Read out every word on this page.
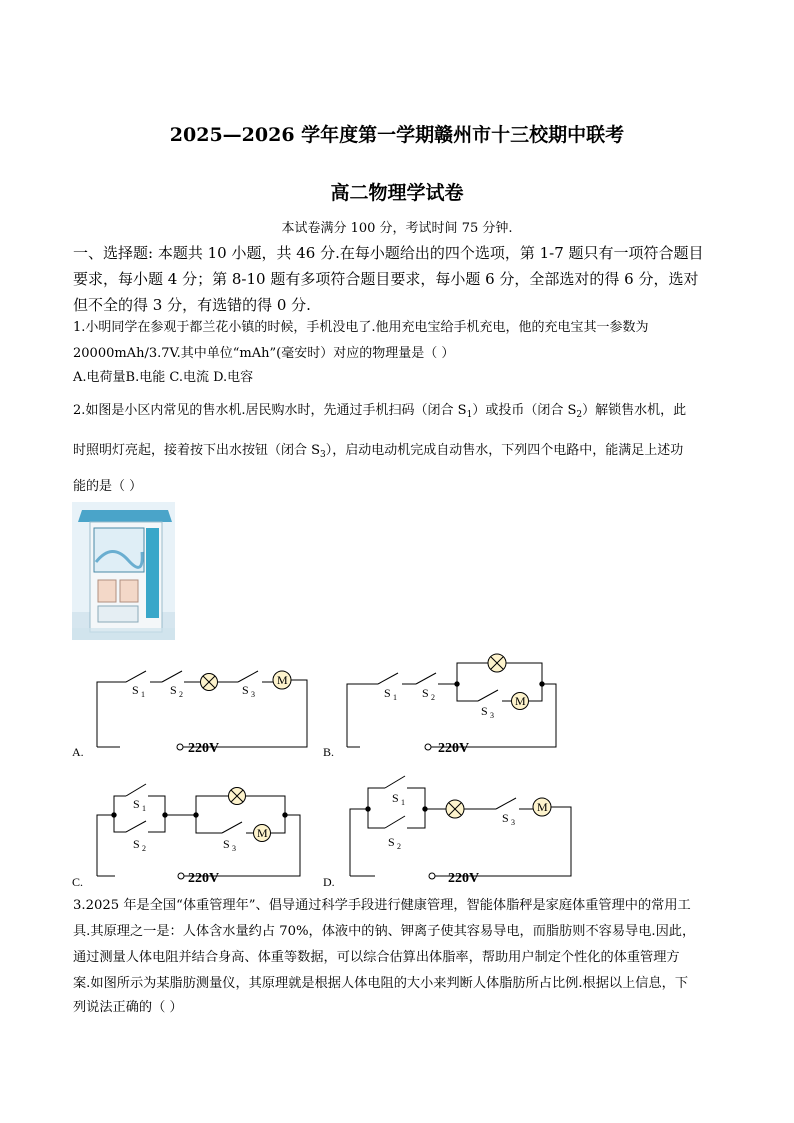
2025—2026 学年度第一学期赣州市十三校期中联考
高二物理学试卷
本试卷满分 100 分，考试时间 75 分钟.
一、选择题: 本题共 10 小题，共 46 分.在每小题给出的四个选项，第 1-7 题只有一项符合题目
要求，每小题 4 分；第 8-10 题有多项符合题目要求，每小题 6 分，全部选对的得 6 分，选对
但不全的得 3 分，有选错的得 0 分.
1.小明同学在参观于都兰花小镇的时候，手机没电了.他用充电宝给手机充电，他的充电宝其一参数为
20000mAh/3.7V.其中单位“mAh”(毫安时）对应的物理量是（ ）
A.电荷量B.电能 C.电流 D.电容
2.如图是小区内常见的售水机.居民购水时，先通过手机扫码（闭合 $S_1$）或投币（闭合 $S_2$）解锁售水机，此
时照明灯亮起，接着按下出水按钮（闭合 $S_3$），启动电动机完成自动售水，下列四个电路中，能满足上述功
能的是（ ）
M
S 1 S 2	S 3
220V
A.
M
S 1 S 2
S 3
220V
B.
M
S 1
S 2	S 3
220V
C.
M
S 1
S 2
S 3
220V
D.
3.2025 年是全国“体重管理年”、倡导通过科学手段进行健康管理，智能体脂秤是家庭体重管理中的常用工
具.其原理之一是：人体含水量约占 70%，体液中的钠、钾离子使其容易导电，而脂肪则不容易导电.因此，
通过测量人体电阻并结合身高、体重等数据，可以综合估算出体脂率，帮助用户制定个性化的体重管理方
案.如图所示为某脂肪测量仪，其原理就是根据人体电阻的大小来判断人体脂肪所占比例.根据以上信息，下
列说法正确的（ ）
